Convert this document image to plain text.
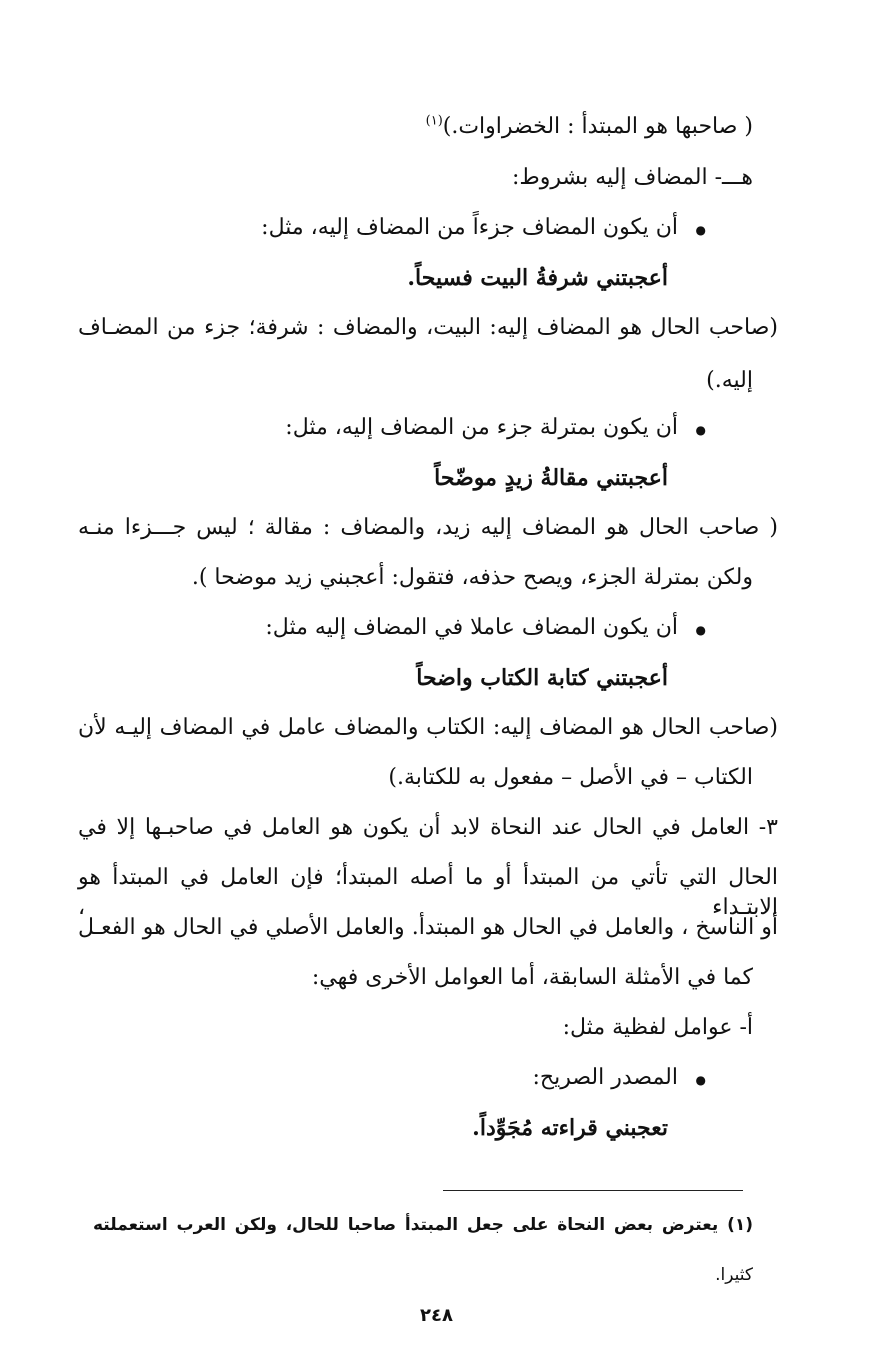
( صاحبها هو المبتدأ : الخضراوات.)$^{(١)}$
هـــ- المضاف إليه بشروط:
● أن يكون المضاف جزءاً من المضاف إليه، مثل:
أعجبتني شرفةُ البيت فسيحاً.
(صاحب الحال هو المضاف إليه: البيت، والمضاف : شرفة؛ جزء من المضـاف
إليه.)
● أن يكون بمترلة جزء من المضاف إليه، مثل:
أعجبتني مقالةُ زيدٍ موضّحاً
( صاحب الحال هو المضاف إليه زيد، والمضاف : مقالة ؛ ليس جـــزءا منـه
ولكن بمترلة الجزء، ويصح حذفه، فتقول: أعجبني زيد موضحا ).
● أن يكون المضاف عاملا في المضاف إليه مثل:
أعجبتني كتابة الكتاب واضحاً
(صاحب الحال هو المضاف إليه: الكتاب والمضاف عامل في المضاف إليـه لأن
الكتاب – في الأصل – مفعول به للكتابة.)
٣- العامل في الحال عند النحاة لابد أن يكون هو العامل في صاحبـها إلا في
الحال التي تأتي من المبتدأ أو ما أصله المبتدأ؛ فإن العامل في المبتدأ هو الابتـداء ،
أو الناسخ ، والعامل في الحال هو المبتدأ. والعامل الأصلي في الحال هو الفعـل
كما في الأمثلة السابقة، أما العوامل الأخرى فهي:
أ- عوامل لفظية مثل:
● المصدر الصريح:
تعجبني قراءته مُجَوِّداً.
(١) يعترض بعض النحاة على جعل المبتدأ صاحبا للحال، ولكن العرب استعملته
كثيرا.
٢٤٨
